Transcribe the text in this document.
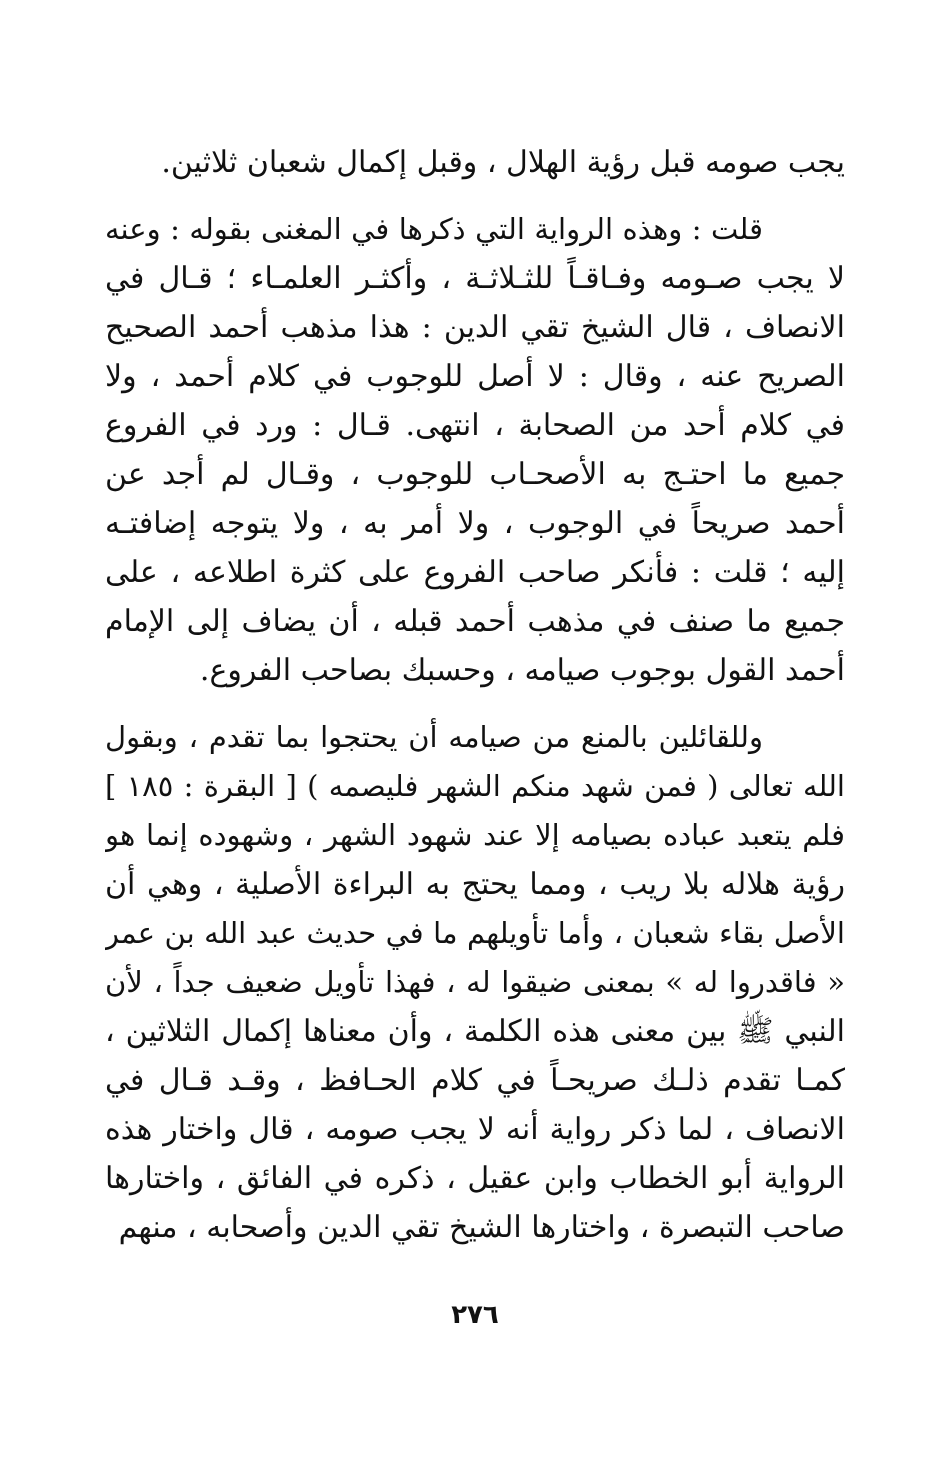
يجب صومه قبل رؤية الهلال ، وقبل إكمال شعبان ثلاثين.
قلت : وهذه الرواية التي ذكرها في المغنى بقوله : وعنه
لا يجب صـومه وفـاقـاً للثـلاثـة ، وأكثـر العلمـاء ؛ قـال في
الانصاف ، قال الشيخ تقي الدين : هذا مذهب أحمد الصحيح
الصريح عنه ، وقال : لا أصل للوجوب في كلام أحمد ، ولا
في كلام أحد من الصحابة ، انتهى. قـال : ورد في الفروع
جميع ما احتـج به الأصحـاب للوجوب ، وقـال لم أجد عن
أحمد صريحاً في الوجوب ، ولا أمر به ، ولا يتوجه إضافتـه
إليه ؛ قلت : فأنكر صاحب الفروع على كثرة اطلاعه ، على
جميع ما صنف في مذهب أحمد قبله ، أن يضاف إلى الإمام
أحمد القول بوجوب صيامه ، وحسبك بصاحب الفروع.
وللقائلين بالمنع من صيامه أن يحتجوا بما تقدم ، وبقول
الله تعالى ( فمن شهد منكم الشهر فليصمه ) [ البقرة : ١٨٥ ]
فلم يتعبد عباده بصيامه إلا عند شهود الشهر ، وشهوده إنما هو
رؤية هلاله بلا ريب ، ومما يحتج به البراءة الأصلية ، وهي أن
الأصل بقاء شعبان ، وأما تأويلهم ما في حديث عبد الله بن عمر
« فاقدروا له » بمعنى ضيقوا له ، فهذا تأويل ضعيف جداً ، لأن
النبي ﷺ بين معنى هذه الكلمة ، وأن معناها إكمال الثلاثين ،
كمـا تقدم ذلـك صريحـاً في كلام الحـافظ ، وقـد قـال في
الانصاف ، لما ذكر رواية أنه لا يجب صومه ، قال واختار هذه
الرواية أبو الخطاب وابن عقيل ، ذكره في الفائق ، واختارها
صاحب التبصرة ، واختارها الشيخ تقي الدين وأصحابه ، منهم
٢٧٦
